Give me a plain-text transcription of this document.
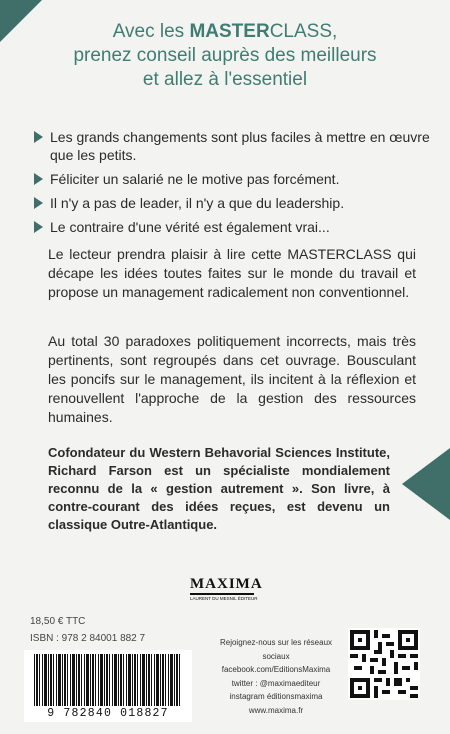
Avec les MASTERCLASS,
prenez conseil auprès des meilleurs
et allez à l'essentiel
Les grands changements sont plus faciles à mettre en œuvre que les petits.
Féliciter un salarié ne le motive pas forcément.
Il n'y a pas de leader, il n'y a que du leadership.
Le contraire d'une vérité est également vrai...

Le lecteur prendra plaisir à lire cette MASTERCLASS qui décape les idées toutes faites sur le monde du travail et propose un management radicalement non conventionnel.

Au total 30 paradoxes politiquement incorrects, mais très pertinents, sont regroupés dans cet ouvrage. Bousculant les poncifs sur le management, ils incitent à la réflexion et renouvellent l'approche de la gestion des ressources humaines.

Cofondateur du Western Behavorial Sciences Institute, Richard Farson est un spécialiste mondialement reconnu de la « gestion autrement ». Son livre, à contre-courant des idées reçues, est devenu un classique Outre-Atlantique.

MAXIMA
LAURENT DU MESNIL ÉDITEUR
18,50 € TTC
ISBN : 978 2 84001 882 7
9 782840 018827
Rejoignez-nous sur les réseaux sociaux
facebook.com/EditionsMaxima
twitter : @maximaediteur
instagram éditionsmaxima
www.maxima.fr
